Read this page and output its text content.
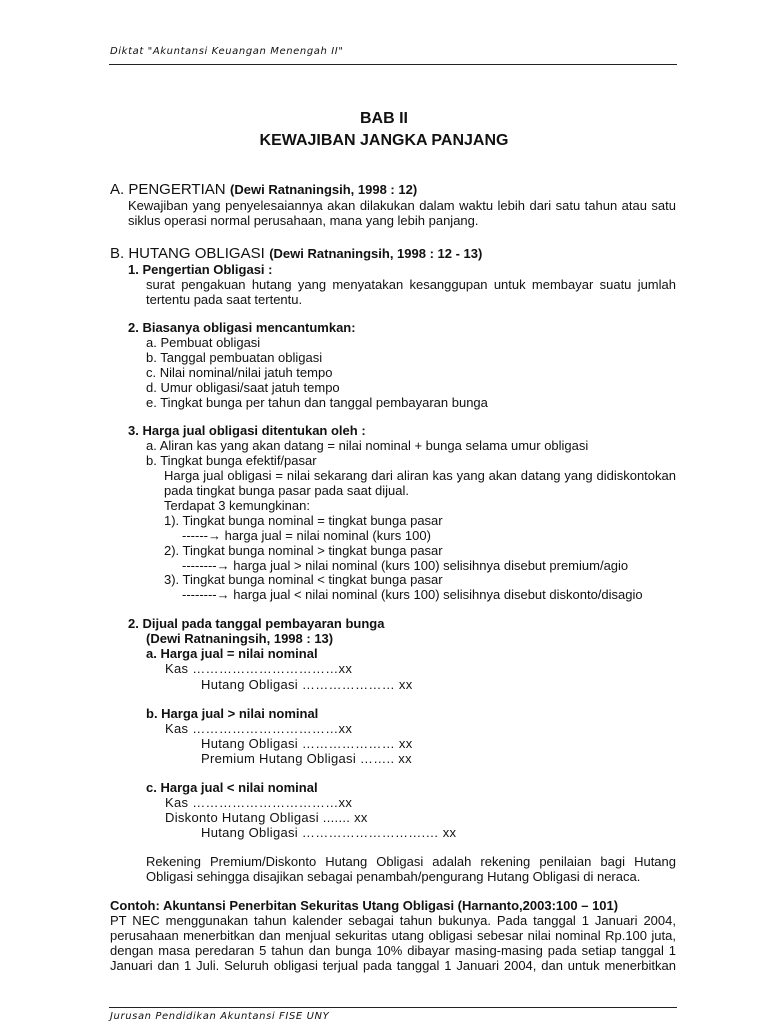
Diktat "Akuntansi Keuangan Menengah II"
BAB II
KEWAJIBAN JANGKA PANJANG
A. PENGERTIAN (Dewi Ratnaningsih, 1998 : 12)
Kewajiban yang penyelesaiannya akan dilakukan dalam waktu lebih dari satu tahun atau satu
siklus operasi normal perusahaan, mana yang lebih panjang.
B. HUTANG OBLIGASI (Dewi Ratnaningsih, 1998 : 12 - 13)
1. Pengertian Obligasi :
surat pengakuan hutang yang menyatakan kesanggupan untuk membayar suatu jumlah
tertentu pada saat tertentu.
2. Biasanya obligasi mencantumkan:
a. Pembuat obligasi
b. Tanggal pembuatan obligasi
c. Nilai nominal/nilai jatuh tempo
d. Umur obligasi/saat jatuh tempo
e. Tingkat bunga per tahun dan tanggal pembayaran bunga
3. Harga jual obligasi ditentukan oleh :
a. Aliran kas yang akan datang = nilai nominal + bunga selama umur obligasi
b. Tingkat bunga efektif/pasar
Harga jual obligasi = nilai sekarang dari aliran kas yang akan datang yang didiskontokan
pada tingkat bunga pasar pada saat dijual.
Terdapat 3 kemungkinan:
1). Tingkat bunga nominal = tingkat bunga pasar
------→ harga jual = nilai nominal (kurs 100)
2). Tingkat bunga nominal > tingkat bunga pasar
--------→ harga jual > nilai nominal (kurs 100) selisihnya disebut premium/agio
3). Tingkat bunga nominal < tingkat bunga pasar
--------→ harga jual < nilai nominal (kurs 100) selisihnya disebut diskonto/disagio
2. Dijual pada tanggal pembayaran bunga
(Dewi Ratnaningsih, 1998 : 13)
a. Harga jual = nilai nominal
Kas ……………………………xx
Hutang Obligasi ………………… xx
b. Harga jual > nilai nominal
Kas ……………………………xx
Hutang Obligasi ………………… xx
Premium Hutang Obligasi …….. xx
c. Harga jual < nilai nominal
Kas ……………………………xx
Diskonto Hutang Obligasi ....... xx
Hutang Obligasi ……………………….… xx
Rekening Premium/Diskonto Hutang Obligasi adalah rekening penilaian bagi Hutang
Obligasi sehingga disajikan sebagai penambah/pengurang Hutang Obligasi di neraca.
Contoh: Akuntansi Penerbitan Sekuritas Utang Obligasi (Harnanto,2003:100 – 101)
PT NEC menggunakan tahun kalender sebagai tahun bukunya. Pada tanggal 1 Januari 2004,
perusahaan menerbitkan dan menjual sekuritas utang obligasi sebesar nilai nominal Rp.100 juta,
dengan masa peredaran 5 tahun dan bunga 10% dibayar masing-masing pada setiap tanggal 1
Januari dan 1 Juli. Seluruh obligasi terjual pada tanggal 1 Januari 2004, dan untuk menerbitkan
Jurusan Pendidikan Akuntansi FISE UNY
